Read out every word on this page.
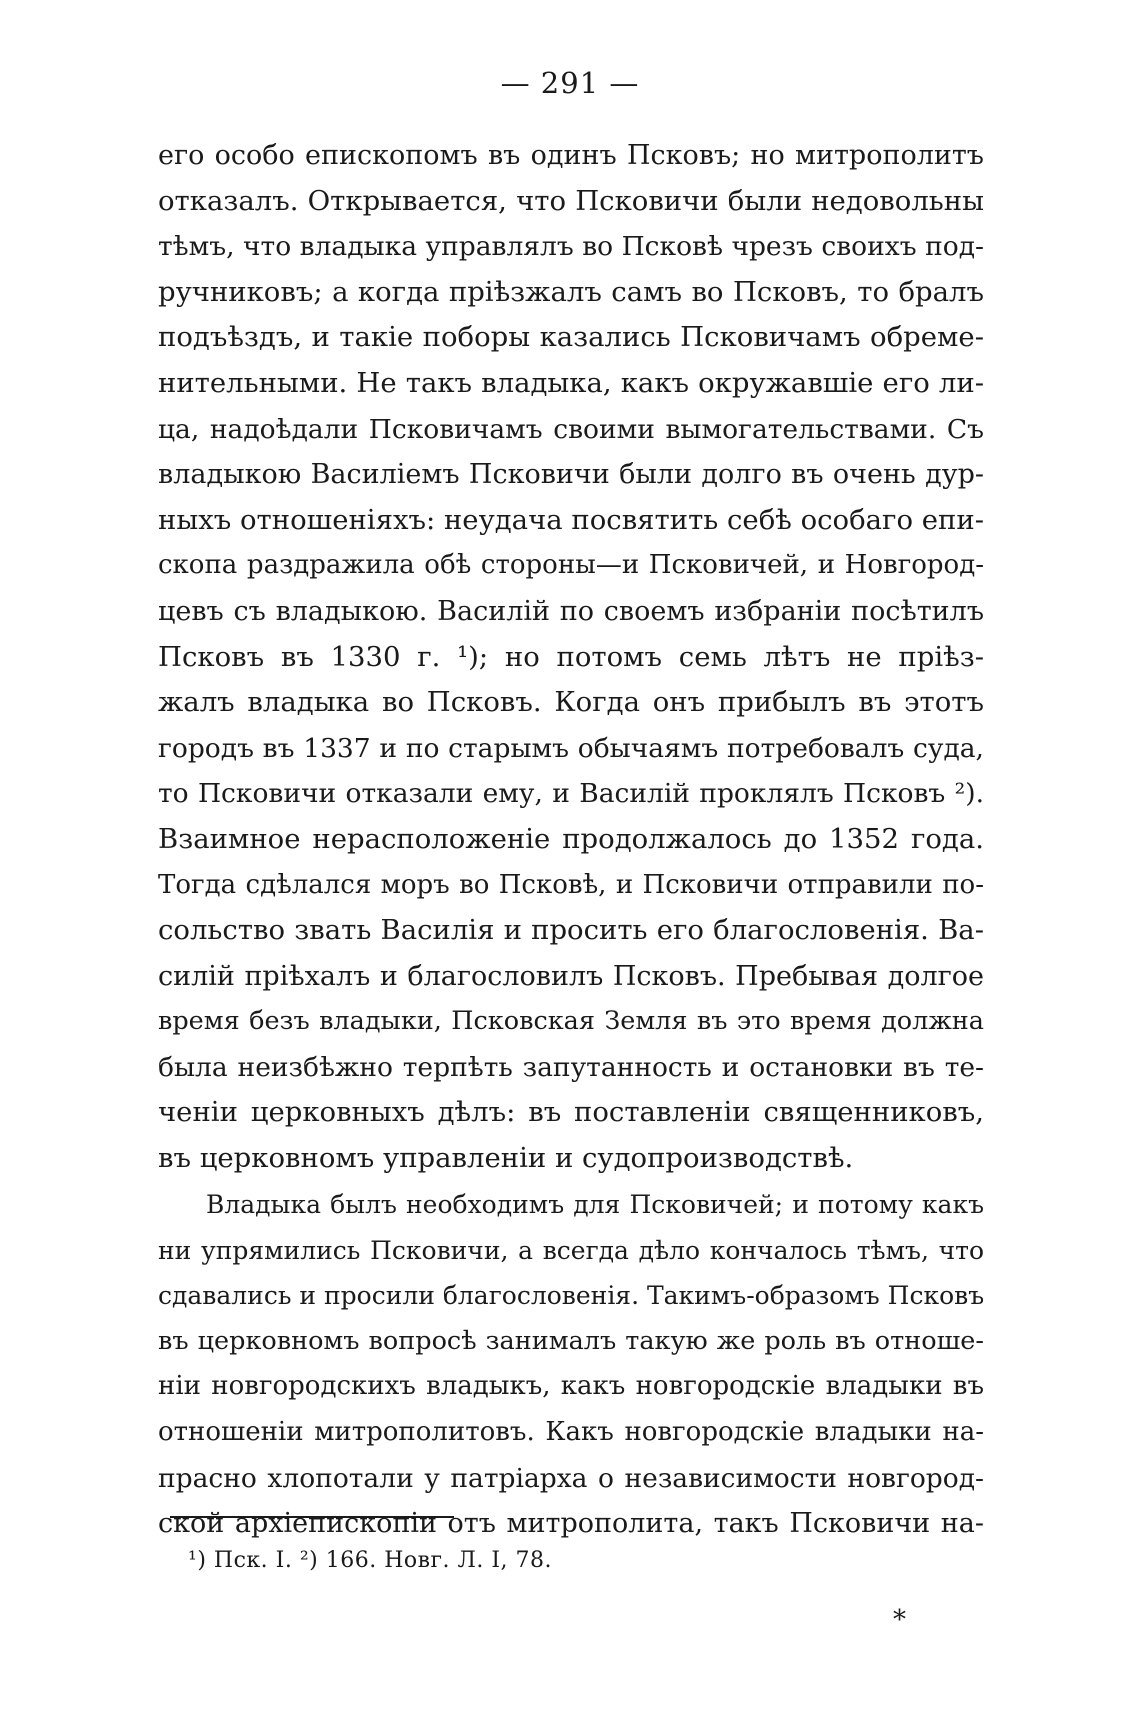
— 291 —
его особо епископомъ въ одинъ Псковъ; но митрополитъ
отказалъ. Открывается, что Псковичи были недовольны
тѣмъ, что владыка управлялъ во Псковѣ чрезъ своихъ под-
ручниковъ; а когда пріѣзжалъ самъ во Псковъ, то бралъ
подъѣздъ, и такіе поборы казались Псковичамъ обреме-
нительными. Не такъ владыка, какъ окружавшіе его ли-
ца, надоѣдали Псковичамъ своими вымогательствами. Съ
владыкою Василіемъ Псковичи были долго въ очень дур-
ныхъ отношеніяхъ: неудача посвятить себѣ особаго епи-
скопа раздражила обѣ стороны—и Псковичей, и Новгород-
цевъ съ владыкою. Василій по своемъ избраніи посѣтилъ
Псковъ въ 1330 г. ¹); но потомъ семь лѣтъ не пріѣз-
жалъ владыка во Псковъ. Когда онъ прибылъ въ этотъ
городъ въ 1337 и по старымъ обычаямъ потребовалъ суда,
то Псковичи отказали ему, и Василій проклялъ Псковъ ²).
Взаимное нерасположеніе продолжалось до 1352 года.
Тогда сдѣлался моръ во Псковѣ, и Псковичи отправили по-
сольство звать Василія и просить его благословенія. Ва-
силій пріѣхалъ и благословилъ Псковъ. Пребывая долгое
время безъ владыки, Псковская Земля въ это время должна
была неизбѣжно терпѣть запутанность и остановки въ те-
ченіи церковныхъ дѣлъ: въ поставленіи священниковъ,
въ церковномъ управленіи и судопроизводствѣ.
Владыка былъ необходимъ для Псковичей; и потому какъ
ни упрямились Псковичи, а всегда дѣло кончалось тѣмъ, что
сдавались и просили благословенія. Такимъ-образомъ Псковъ
въ церковномъ вопросѣ занималъ такую же роль въ отноше-
ніи новгородскихъ владыкъ, какъ новгородскіе владыки въ
отношеніи митрополитовъ. Какъ новгородскіе владыки на-
прасно хлопотали у патріарха о независимости новгород-
ской архіепископіи отъ митрополита, такъ Псковичи на-
¹) Пск. I. ²) 166. Новг. Л. I, 78.
⁎
